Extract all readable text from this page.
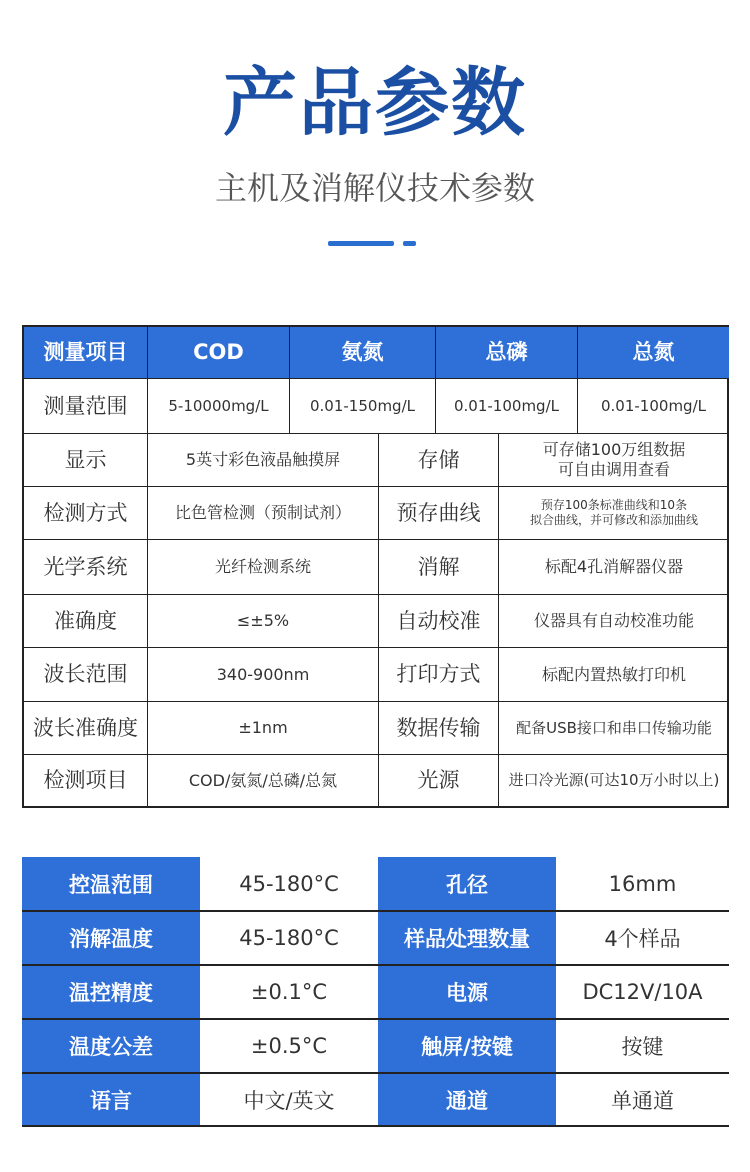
产品参数
主机及消解仪技术参数
测量项目	COD	氨氮	总磷	总氮
测量范围	5-10000mg/L	0.01-150mg/L	0.01-100mg/L	0.01-100mg/L
显示	5英寸彩色液晶触摸屏	存储	可存储100万组数据
可自由调用查看
检测方式	比色管检测（预制试剂）	预存曲线	预存100条标准曲线和10条
拟合曲线，并可修改和添加曲线
光学系统	光纤检测系统	消解	标配4孔消解器仪器
准确度	≤±5%	自动校准	仪器具有自动校准功能
波长范围	340-900nm	打印方式	标配内置热敏打印机
波长准确度	±1nm	数据传输	配备USB接口和串口传输功能
检测项目	COD/氨氮/总磷/总氮	光源	进口冷光源(可达10万小时以上)
控温范围	45-180°C	孔径	16mm
消解温度	45-180°C	样品处理数量	4个样品
温控精度	±0.1°C	电源	DC12V/10A
温度公差	±0.5°C	触屏/按键	按键
语言	中文/英文	通道	单通道
